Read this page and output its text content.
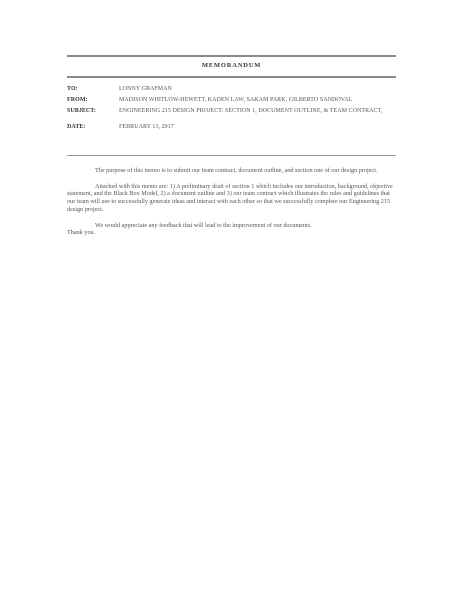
MEMORANDUM
TO:	LONNY GRAFMAN
FROM:	MADISON WHITLOW-HEWETT, KADEN LAW, SAKAM PARK, GILBERTO SANDOVAL
SUBJECT:	ENGINEERING 215 DESIGN PROJECT: SECTION 1, DOCUMENT OUTLINE, & TEAM CONTRACT,
DATE:	FEBRUARY 13, 2017

The purpose of this memo is to submit our team contract, document outline, and section one of our design project.

Attached with this memo are: 1) A preliminary draft of section 1 which includes our introduction, background, objective statement, and the Black Box Model, 2) a document outline and 3) our team contract which illustrates the rules and guidelines that our team will use to successfully generate ideas and interact with each other so that we successfully complete our Engineering 215 design project.

We would appreciate any feedback that will lead to the improvement of our documents.
Thank you.
